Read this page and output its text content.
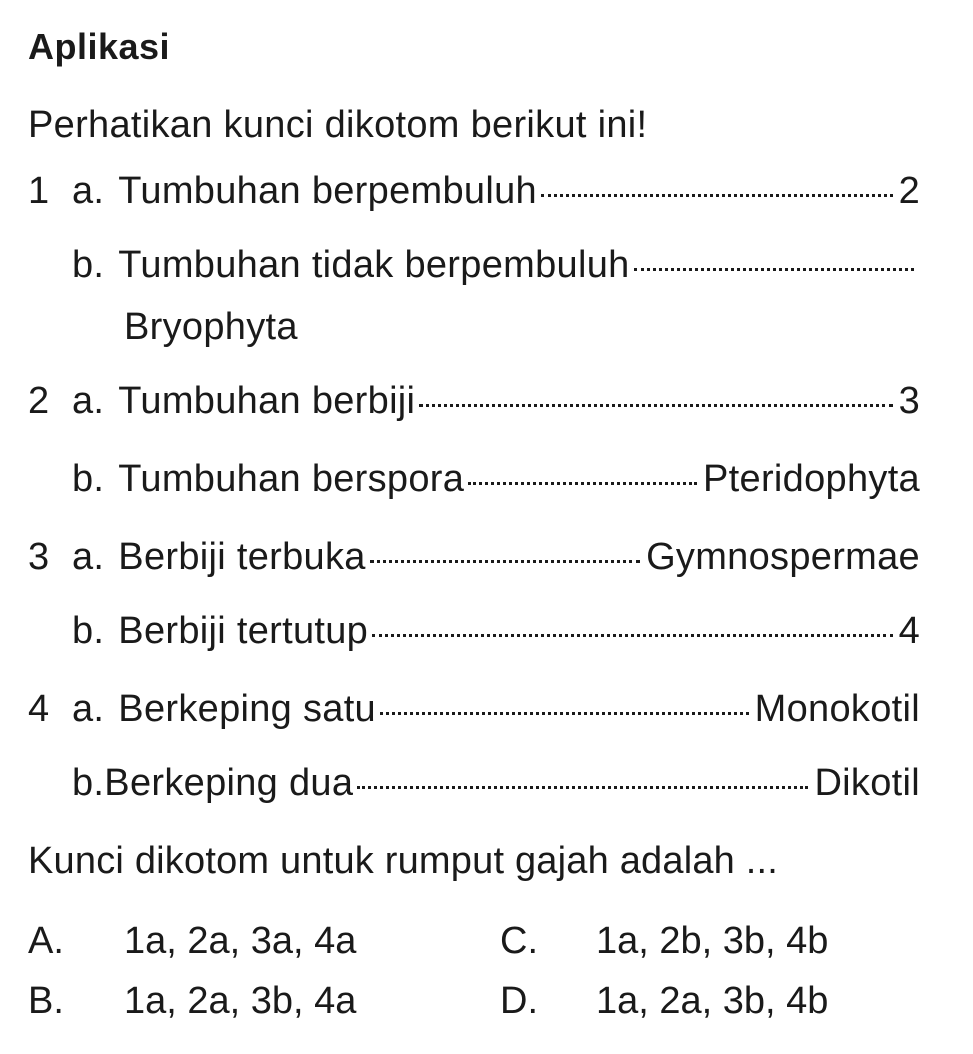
Aplikasi
Perhatikan kunci dikotom berikut ini!
1 a. Tumbuhan berpembuluh	2
b. Tumbuhan tidak berpembuluh
Bryophyta
2 a. Tumbuhan berbiji	3
b. Tumbuhan berspora	Pteridophyta
3 a. Berbiji terbuka	Gymnospermae
b. Berbiji tertutup	4
4 a. Berkeping satu	Monokotil
b. Berkeping dua	Dikotil
Kunci dikotom untuk rumput gajah adalah ...
A.	1a, 2a, 3a, 4a
B.	1a, 2a, 3b, 4a
C.	1a, 2b, 3b, 4b
D.	1a, 2a, 3b, 4b
